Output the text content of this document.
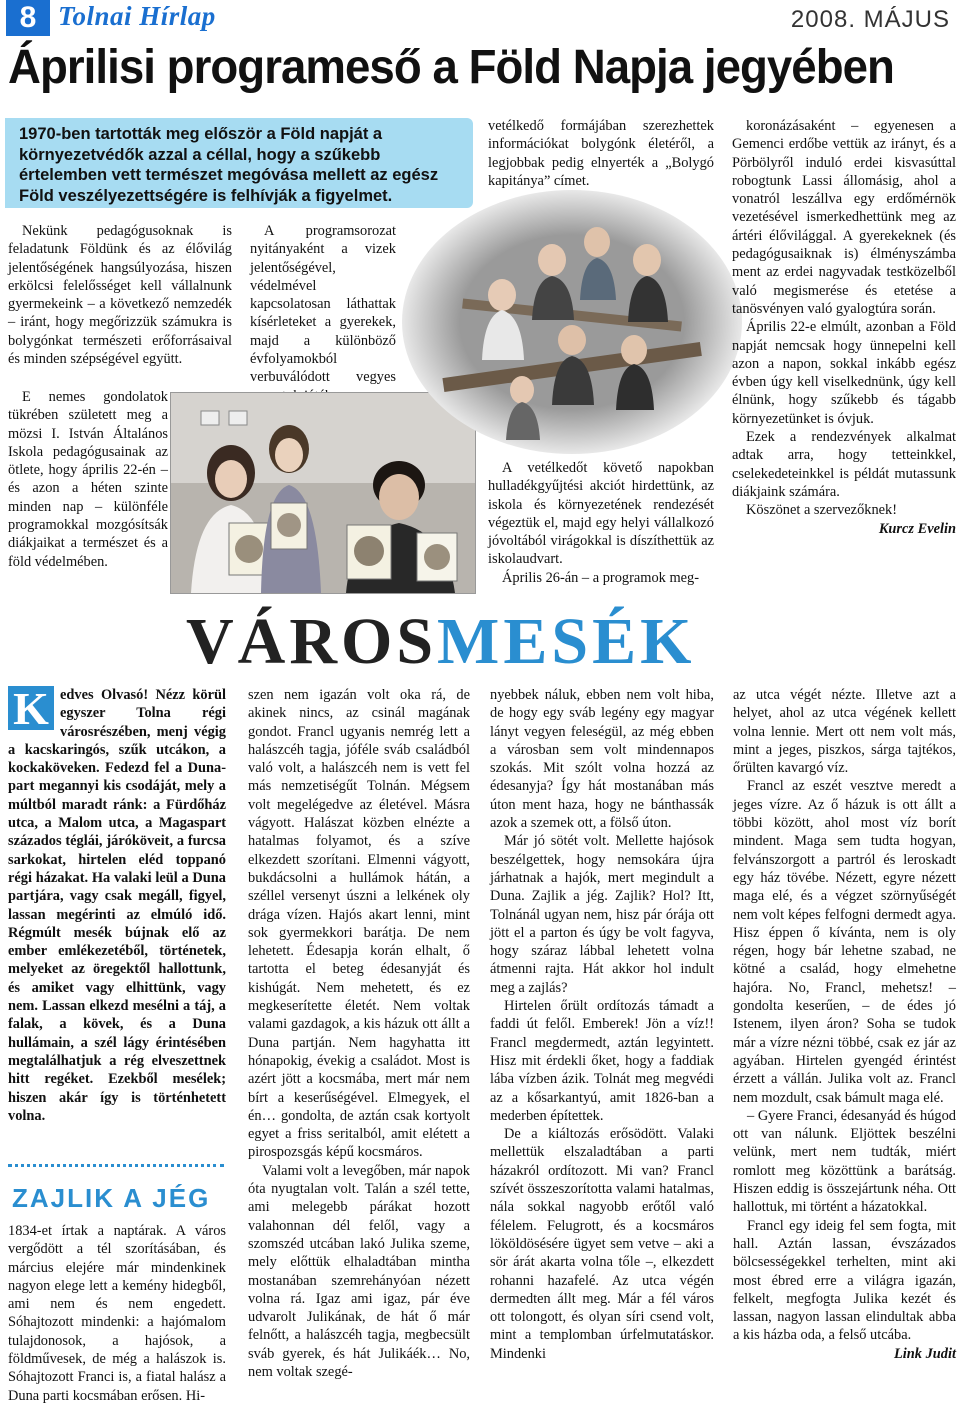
8 Tolnai Hírlap	2008. MÁJUS
Áprilisi programeső a Föld Napja jegyében
1970-ben tartották meg először a Föld napját a környezetvédők azzal a céllal, hogy a szűkebb értelemben vett természet megóvása mellett az egész Föld veszélyezettségére is felhívják a figyelmet.

Nekünk pedagógusoknak is feladatunk Földünk és az élővilág jelentőségének hangsúlyozása, hiszen erkölcsi felelősséget kell vállalnunk gyermekeink – a következő nemzedék – iránt, hogy megőrizzük számukra is bolygónkat természeti erőforrásaival és minden szépségével együtt.

E nemes gondolatok tükrében született meg a mözsi I. István Általános Iskola pedagógusainak az ötlete, hogy április 22-én – és azon a héten szinte minden nap – különféle programokkal mozgósítsák diákjaikat a természet és a föld védelmében.

A programsorozat nyitányaként a vizek jelentőségével, védelmével kapcsolatosan láthattak kísérleteket a gyerekek, majd a különböző évfolyamokból verbuválódott vegyes

vetélkedő formájában szerezhettek információkat bolygónk életéről, a legjobbak pedig elnyerték a „Bolygó kapitánya” címet.

A vetélkedőt követő napokban hulladékgyűjtési akciót hirdettünk, az iskola és környezetének rendezését végeztük el, majd egy helyi vállalkozó jóvoltából virágokkal is díszíthettük az iskolaudvart.

Április 26-án – a programok meg-

koronázásaként – egyenesen a Gemenci erdőbe vettük az irányt, és a Pörbölyről induló erdei kisvasúttal robogtunk Lassi állomásig, ahol a vonatról leszállva egy erdőmérnök vezetésével ismerkedhettünk meg az ártéri élővilággal. A gyerekeknek (és pedagógusaiknak is) élményszámba ment az erdei nagyvadak testközelből való megismerése és etetése a tanösvényen való gyalogtúra során.

Április 22-e elmúlt, azonban a Föld napját nemcsak hogy ünnepelni kell azon a napon, sokkal inkább egész évben úgy kell viselkednünk, úgy kell élnünk, hogy szűkebb és tágabb környezetünket is óvjuk.

Ezek a rendezvények alkalmat adtak arra, hogy tetteinkkel, cselekedeteinkkel is példát mutassunk diákjaink számára.

Köszönet a szervezőknek!

Kurcz Evelin
VÁROSMESÉK
K edves Olvasó! Nézz körül egyszer Tolna régi városrészében, menj végig a kacskaringós, szűk utcákon, a kockaköveken. Fedezd fel a Duna-part megannyi kis csodáját, mely a múltból maradt ránk: a Fürdőház utca, a Malom utca, a Magaspart százados téglái, járóköveit, a furcsa sarkokat, hirtelen eléd toppanó régi házakat. Ha valaki leül a Duna partjára, vagy csak megáll, figyel, lassan megérinti az elmúló idő. Régmúlt mesék bújnak elő az ember emlékezetéből, történetek, melyeket az öregektől hallottunk, és amiket vagy elhittünk, vagy nem. Lassan elkezd mesélni a táj, a falak, a kövek, és a Duna hullámain, a szél lágy érintésében megtalálhatjuk a rég elveszettnek hitt regéket. Ezekből mesélek; hiszen akár így is történhetett volna.
ZAJLIK A JÉG

1834-et írtak a naptárak. A város vergődött a tél szorításában, és március elejére már mindenkinek nagyon elege lett a kemény hidegből, ami nem és nem engedett. Sóhajtozott mindenki: a hajómalom tulajdonosok, a hajósok, a földművesek, de még a halászok is. Sóhajtozott Franci is, a fiatal halász a Duna parti kocsmában erősen. Hi-

szen nem igazán volt oka rá, de akinek nincs, az csinál magának gondot. Francl ugyanis nemrég lett a halászcéh tagja, jóféle sváb családból való volt, a halászcéh nem is vett fel más nemzetiségűt Tolnán. Mégsem volt megelégedve az életével. Másra vágyott. Halászat közben elnézte a hatalmas folyamot, és a szíve elkezdett szorítani. Elmenni vágyott, bukdácsolni a hullámok hátán, a széllel versenyt úszni a lelkének oly drága vízen. Hajós akart lenni, mint sok gyermekkori barátja. De nem lehetett. Édesapja korán elhalt, ő tartotta el beteg édesanyját és kishúgát. Nem mehetett, és ez megkeserítette életét. Nem voltak valami gazdagok, a kis házuk ott állt a Duna partján. Nem hagyhatta itt hónapokig, évekig a családot. Most is azért jött a kocsmába, mert már nem bírt a keserűségével. Elmegyek, el én… gondolta, de aztán csak kortyolt egyet a friss seritalból, amit elétett a pirospozsgás képű kocsmáros.

Valami volt a levegőben, már napok óta nyugtalan volt. Talán a szél tette, ami melegebb párákat hozott valahonnan dél felől, vagy a szomszéd utcában lakó Julika szeme, mely előttük elhaladtában mintha mostanában szemrehányóan nézett volna rá. Igaz ami igaz, pár éve udvarolt Julikának, de hát ő már felnőtt, a halászcéh tagja, megbecsült sváb gyerek, és hát Julikáék… No, nem voltak szegé-

nyebbek náluk, ebben nem volt hiba, de hogy egy sváb legény egy magyar lányt vegyen feleségül, az még ebben a városban sem volt mindennapos szokás. Mit szólt volna hozzá az édesanyja? Így hát mostanában más úton ment haza, hogy ne bánthassák azok a szemek ott, a fölső úton.

Már jó sötét volt. Mellette hajósok beszélgettek, hogy nemsokára újra járhatnak a hajók, mert megindult a Duna. Zajlik a jég. Zajlik? Hol? Itt, Tolnánál ugyan nem, hisz pár órája ott jött el a parton és úgy be volt fagyva, hogy száraz lábbal lehetett volna átmenni rajta. Hát akkor hol indult meg a zajlás?

Hirtelen őrült ordítozás támadt a faddi út felől. Emberek! Jön a víz!! Francl megdermedt, aztán legyintett. Hisz mit érdekli őket, hogy a faddiak lába vízben ázik. Tolnát meg megvédi az a kősarkantyú, amit 1826-ban a mederben építettek.

De a kiáltozás erősödött. Valaki mellettük elszaladtában a parti házakról ordítozott. Mi van? Francl szívét összeszorította valami hatalmas, nála sokkal nagyobb erőtől való félelem. Felugrott, és a kocsmáros lököldösésére ügyet sem vetve – aki a sör árát akarta volna tőle –, elkezdett rohanni hazafelé. Az utca végén dermedten állt meg. Már a fél város ott tolongott, és olyan síri csend volt, mint a templomban úrfelmutatáskor. Mindenki

az utca végét nézte. Illetve azt a helyet, ahol az utca végének kellett volna lennie. Mert ott nem volt más, mint a jeges, piszkos, sárga tajtékos, őrülten kavargó víz.

Francl az eszét vesztve meredt a jeges vízre. Az ő házuk is ott állt a többi között, ahol most víz borít mindent. Maga sem tudta hogyan, felvánszorgott a partról és leroskadt egy ház tövébe. Nézett, egyre nézett maga elé, és a végzet szörnyűségét nem volt képes felfogni dermedt agya. Hisz éppen ő kívánta, nem is oly régen, hogy bár lehetne szabad, ne kötné a család, hogy elmehetne hajóra. No, Francl, mehetsz! – gondolta keserűen, – de édes jó Istenem, ilyen áron? Soha se tudok már a vízre nézni többé, csak ez jár az agyában. Hirtelen gyengéd érintést érzett a vállán. Julika volt az. Francl nem mozdult, csak bámult maga elé.

– Gyere Franci, édesanyád és húgod ott van nálunk. Eljöttek beszélni velünk, mert nem tudták, miért romlott meg közöttünk a barátság. Hiszen eddig is összejártunk néha. Ott hallottuk, mi történt a házatokkal.

Francl egy ideig fel sem fogta, mit hall. Aztán lassan, évszázados bölcsességekkel terhelten, mint aki most ébred erre a világra igazán, felkelt, megfogta Julika kezét és lassan, nagyon lassan elindultak abba a kis házba oda, a felső utcába.

Link Judit
